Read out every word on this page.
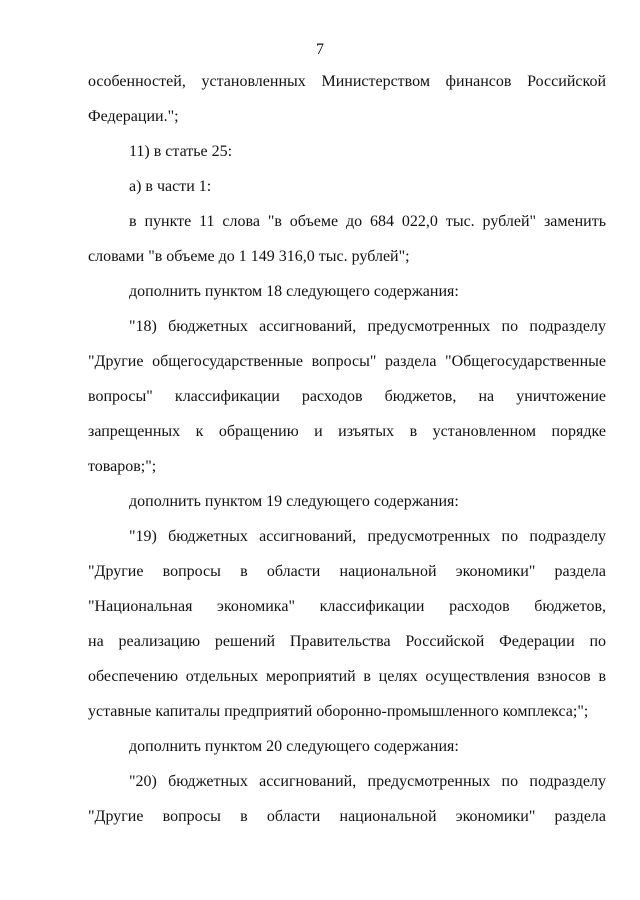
7

особенностей, установленных Министерством финансов Российской

Федерации.";

11) в статье 25:

а) в части 1:

в пункте 11 слова "в объеме до 684 022,0 тыс. рублей" заменить

словами "в объеме до 1 149 316,0 тыс. рублей";

дополнить пунктом 18 следующего содержания:

"18) бюджетных ассигнований, предусмотренных по подразделу

"Другие общегосударственные вопросы" раздела "Общегосударственные

вопросы" классификации расходов бюджетов, на уничтожение

запрещенных к обращению и изъятых в установленном порядке

товаров;";

дополнить пунктом 19 следующего содержания:

"19) бюджетных ассигнований, предусмотренных по подразделу

"Другие вопросы в области национальной экономики" раздела

"Национальная экономика" классификации расходов бюджетов,

на реализацию решений Правительства Российской Федерации по

обеспечению отдельных мероприятий в целях осуществления взносов в

уставные капиталы предприятий оборонно-промышленного комплекса;";

дополнить пунктом 20 следующего содержания:

"20) бюджетных ассигнований, предусмотренных по подразделу

"Другие вопросы в области национальной экономики" раздела
